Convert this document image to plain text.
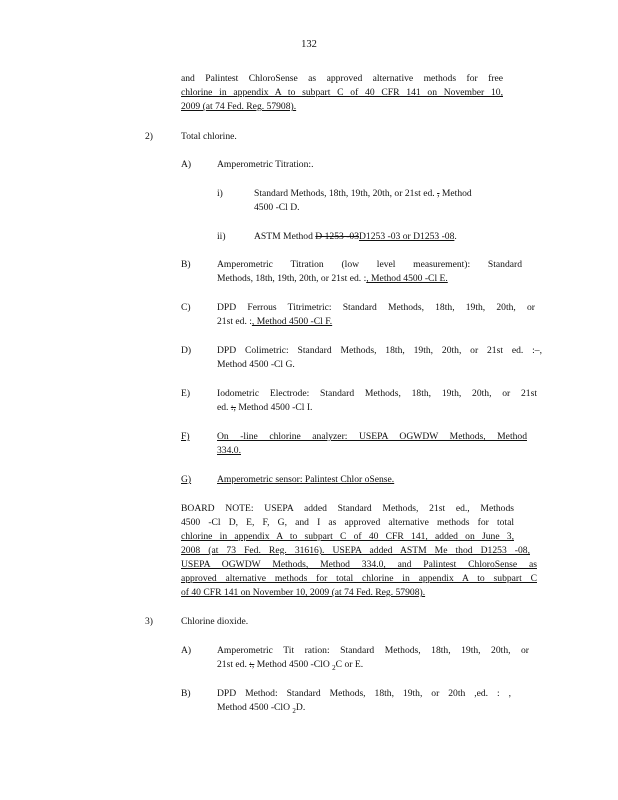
132
and Palintest ChloroSense as approved alternative methods for free
chlorine in appendix A to subpart C of 40 CFR 141 on November 10,
2009 (at 74 Fed. Reg. 57908).
2)	Total chlorine.
A)	Amperometric Titration:.
i)	Standard Methods, 18th, 19th, 20th, or 21st ed. , Method
4500 -Cl D.
ii)	ASTM Method D 1253 -03D1253 -03 or D1253 -08.
B)	Amperometric Titration (low level measurement): Standard
Methods, 18th, 19th, 20th, or 21st ed. :, Method 4500 -Cl E.
C)	DPD Ferrous Titrimetric: Standard Methods, 18th, 19th, 20th, or
21st ed. :, Method 4500 -Cl F.
D)	DPD Colimetric: Standard Methods, 18th, 19th, 20th, or 21st ed. :–,
Method 4500 -Cl G.
E)	Iodometric Electrode: Standard Methods, 18th, 19th, 20th, or 21st
ed. :, Method 4500 -Cl I.
F)	On -line chlorine analyzer: USEPA OGWDW Methods, Method
334.0.
G)	Amperometric sensor: Palintest Chlor oSense.
BOARD NOTE: USEPA added Standard Methods, 21st ed., Methods
4500 -Cl D, E, F, G, and I as approved alternative methods for total
chlorine in appendix A to subpart C of 40 CFR 141, added on June 3,
2008 (at 73 Fed. Reg. 31616). USEPA added ASTM Me thod D1253 -08,
USEPA OGWDW Methods, Method 334.0, and Palintest ChloroSense as
approved alternative methods for total chlorine in appendix A to subpart C
of 40 CFR 141 on November 10, 2009 (at 74 Fed. Reg. 57908).
3)	Chlorine dioxide.
A)	Amperometric Tit ration: Standard Methods, 18th, 19th, 20th, or
21st ed. :, Method 4500 -ClO $_2$C or E.
B)	DPD Method: Standard Methods, 18th, 19th, or 20th ,ed. : ,
Method 4500 -ClO $_2$D.
